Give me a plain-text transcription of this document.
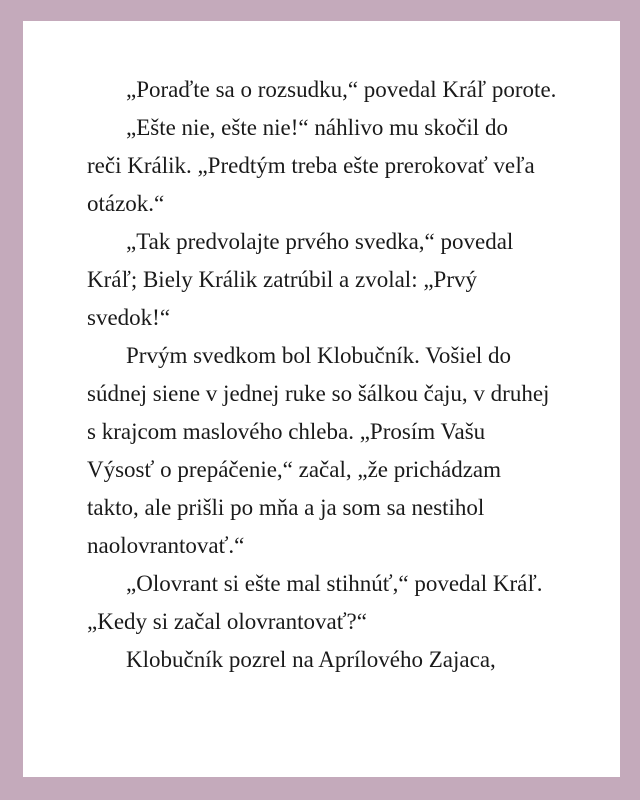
„Poraďte sa o rozsudku,“ povedal Kráľ porote.
„Ešte nie, ešte nie!“ náhlivo mu skočil do
reči Králik. „Predtým treba ešte prerokovať veľa
otázok.“
„Tak predvolajte prvého svedka,“ povedal
Kráľ; Biely Králik zatrúbil a zvolal: „Prvý
svedok!“
Prvým svedkom bol Klobučník. Vošiel do
súdnej siene v jednej ruke so šálkou čaju, v druhej
s krajcom maslového chleba. „Prosím Vašu
Výsosť o prepáčenie,“ začal, „že prichádzam
takto, ale prišli po mňa a ja som sa nestihol
naolovrantovať.“
„Olovrant si ešte mal stihnúť,“ povedal Kráľ.
„Kedy si začal olovrantovať?“
Klobučník pozrel na Aprílového Zajaca,
